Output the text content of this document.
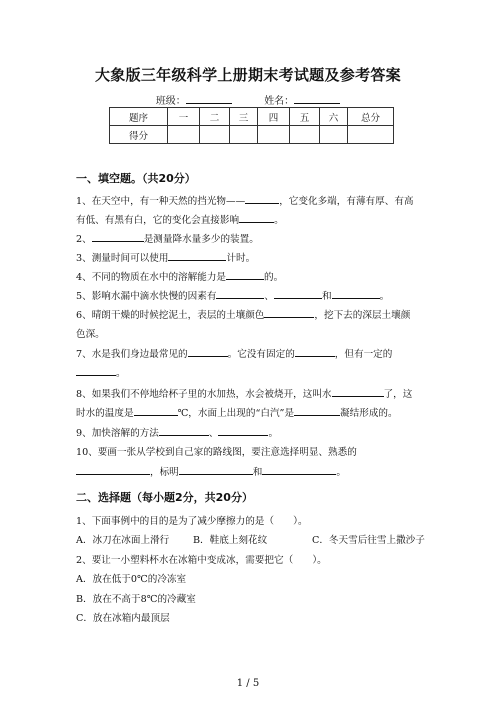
大象版三年级科学上册期末考试题及参考答案
班级：	姓名：
题序	一	二	三	四	五	六	总分
得分							
一、填空题。（共20分）
1、在天空中，有一种天然的挡光物——	，它变化多端，有薄有厚、有高
有低、有黑有白，它的变化会直接影响	。
2、	是测量降水量多少的装置。
3、测量时间可以使用	计时。
4、不同的物质在水中的溶解能力是	的。
5、影响水漏中滴水快慢的因素有	、	和	。
6、晴朗干燥的时候挖泥土，表层的土壤颜色	，挖下去的深层土壤颜
色深。
7、水是我们身边最常见的	。它没有固定的	，但有一定的
。
8、如果我们不停地给杯子里的水加热，水会被烧开，这叫水	了，这
时水的温度是	℃，水面上出现的“白汽”是	凝结形成的。
9、加快溶解的方法	、	。
10、要画一张从学校到自己家的路线图，要注意选择明显、熟悉的
，标明	和	。
二、选择题（每小题2分，共20分）
1、下面事例中的目的是为了减少摩擦力的是（　　）。
A．冰刀在冰面上滑行 B．鞋底上刻花纹	C．冬天雪后往雪上撒沙子
2、要让一小塑料杯水在冰箱中变成冰，需要把它（　　）。
A．放在低于0℃的冷冻室
B．放在不高于8℃的冷藏室
C．放在冰箱内最顶层
1 / 5
